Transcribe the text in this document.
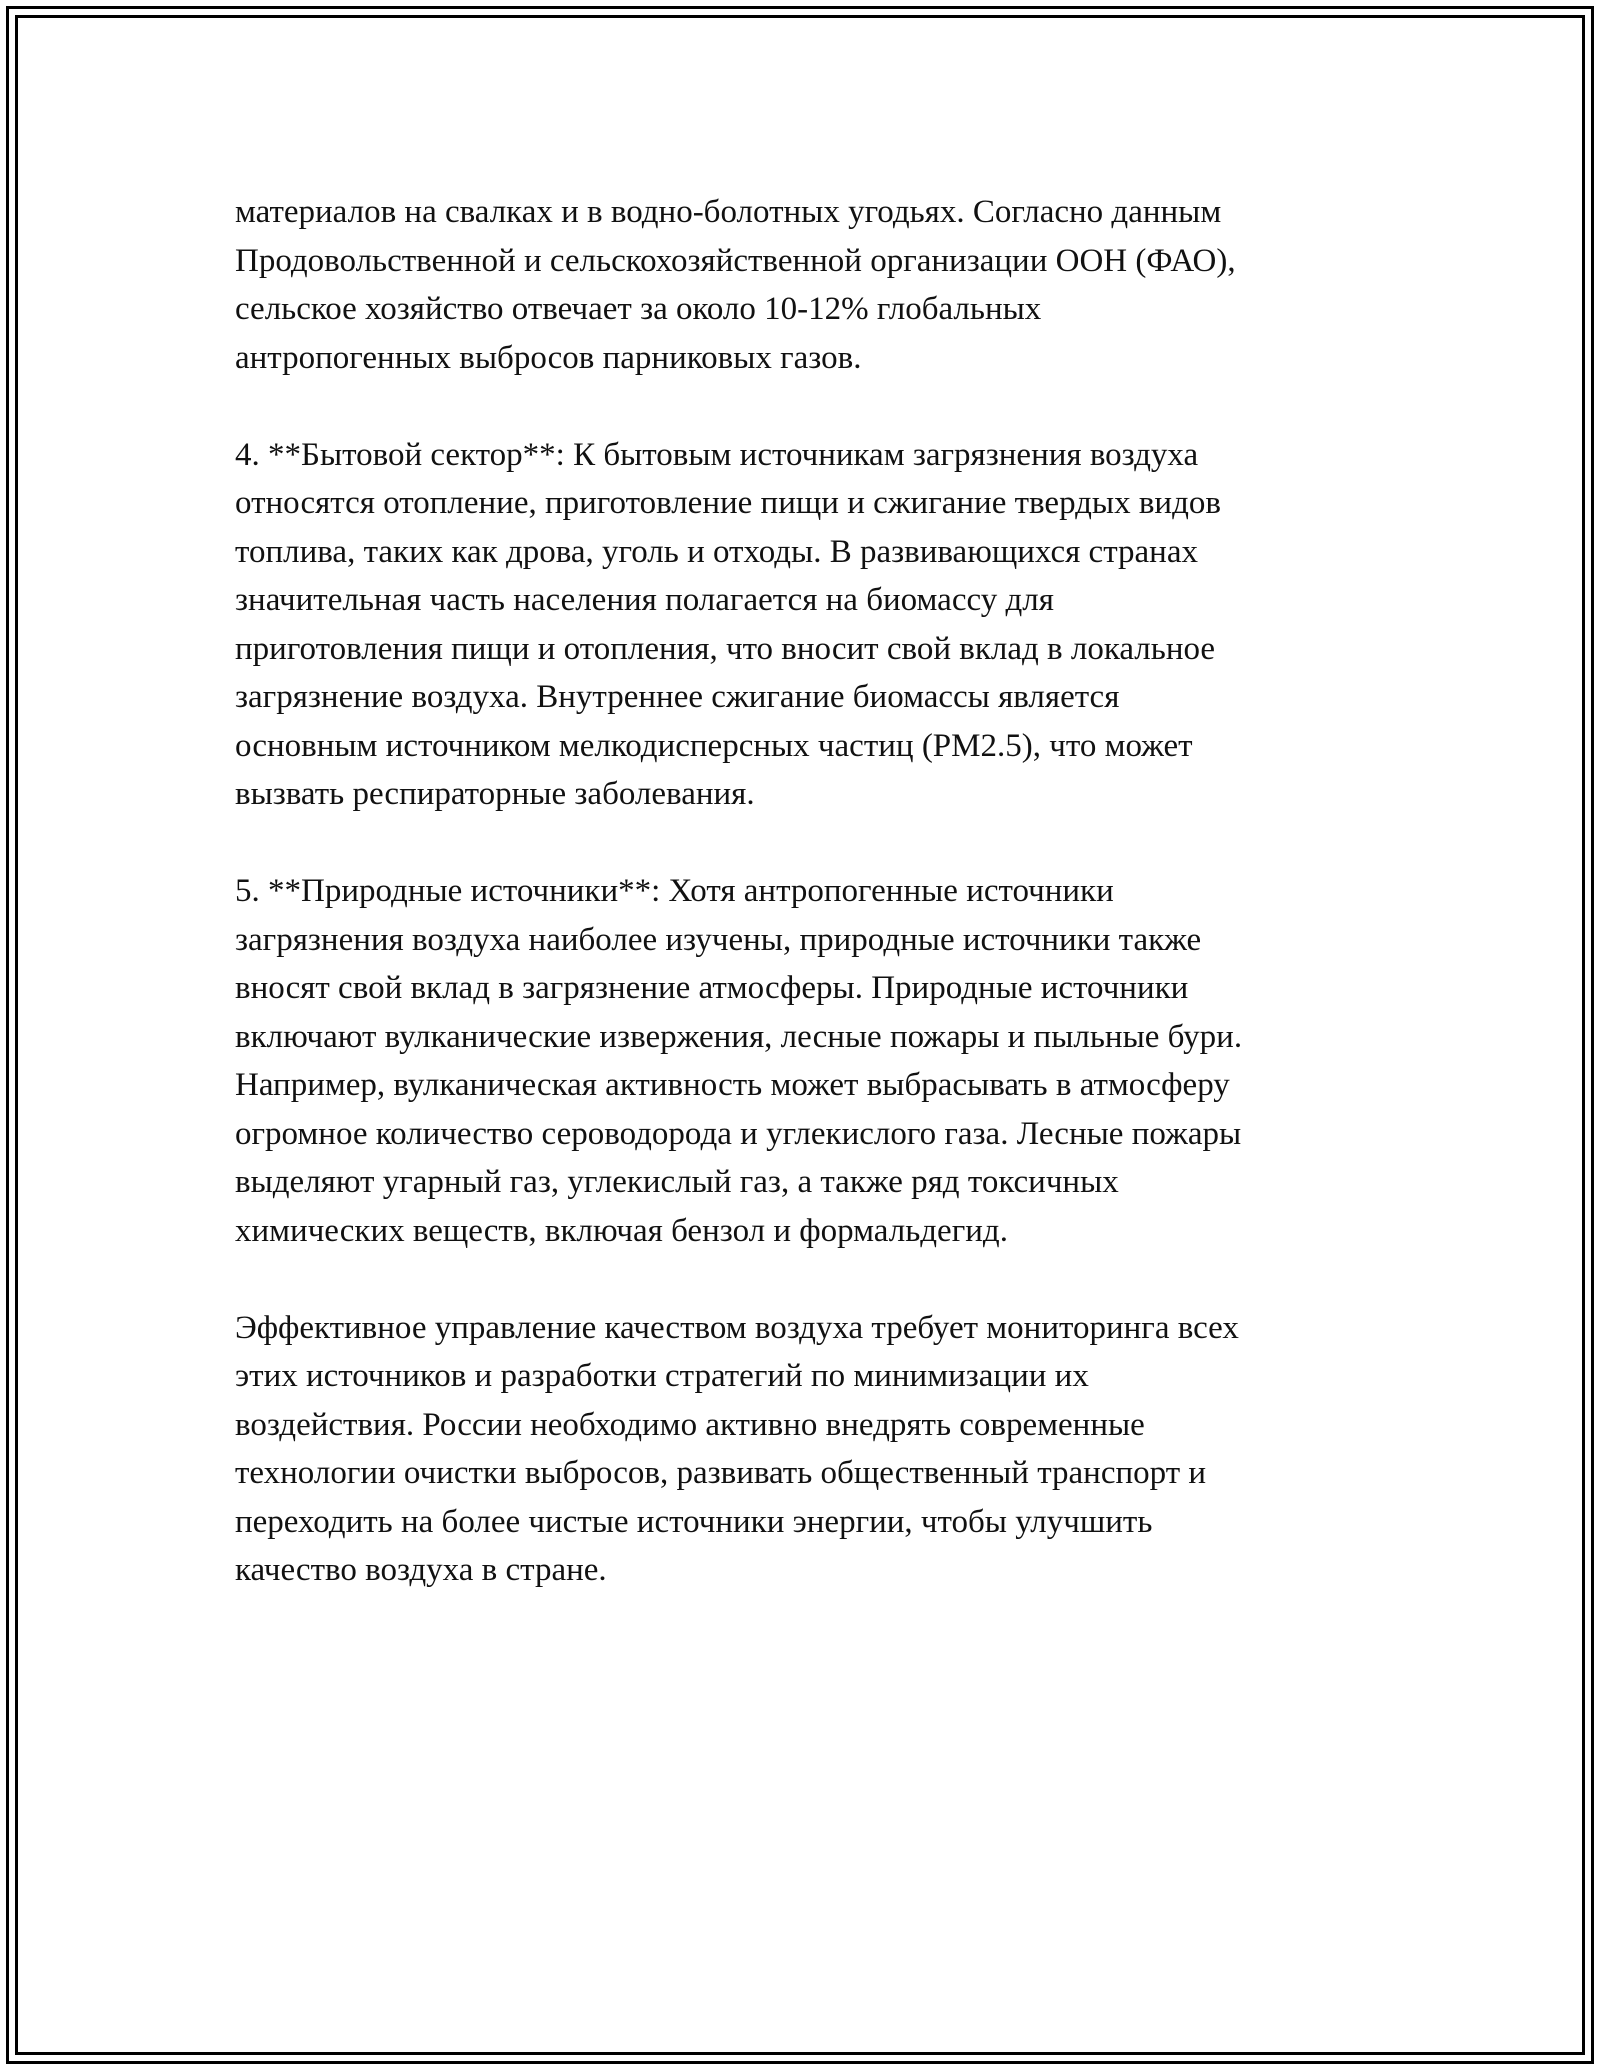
материалов на свалках и в водно-болотных угодьях. Согласно данным
Продовольственной и сельскохозяйственной организации ООН (ФАО),
сельское хозяйство отвечает за около 10-12% глобальных
антропогенных выбросов парниковых газов.

4. **Бытовой сектор**: К бытовым источникам загрязнения воздуха
относятся отопление, приготовление пищи и сжигание твердых видов
топлива, таких как дрова, уголь и отходы. В развивающихся странах
значительная часть населения полагается на биомассу для
приготовления пищи и отопления, что вносит свой вклад в локальное
загрязнение воздуха. Внутреннее сжигание биомассы является
основным источником мелкодисперсных частиц (PM2.5), что может
вызвать респираторные заболевания.

5. **Природные источники**: Хотя антропогенные источники
загрязнения воздуха наиболее изучены, природные источники также
вносят свой вклад в загрязнение атмосферы. Природные источники
включают вулканические извержения, лесные пожары и пыльные бури.
Например, вулканическая активность может выбрасывать в атмосферу
огромное количество сероводорода и углекислого газа. Лесные пожары
выделяют угарный газ, углекислый газ, а также ряд токсичных
химических веществ, включая бензол и формальдегид.

Эффективное управление качеством воздуха требует мониторинга всех
этих источников и разработки стратегий по минимизации их
воздействия. России необходимо активно внедрять современные
технологии очистки выбросов, развивать общественный транспорт и
переходить на более чистые источники энергии, чтобы улучшить
качество воздуха в стране.
